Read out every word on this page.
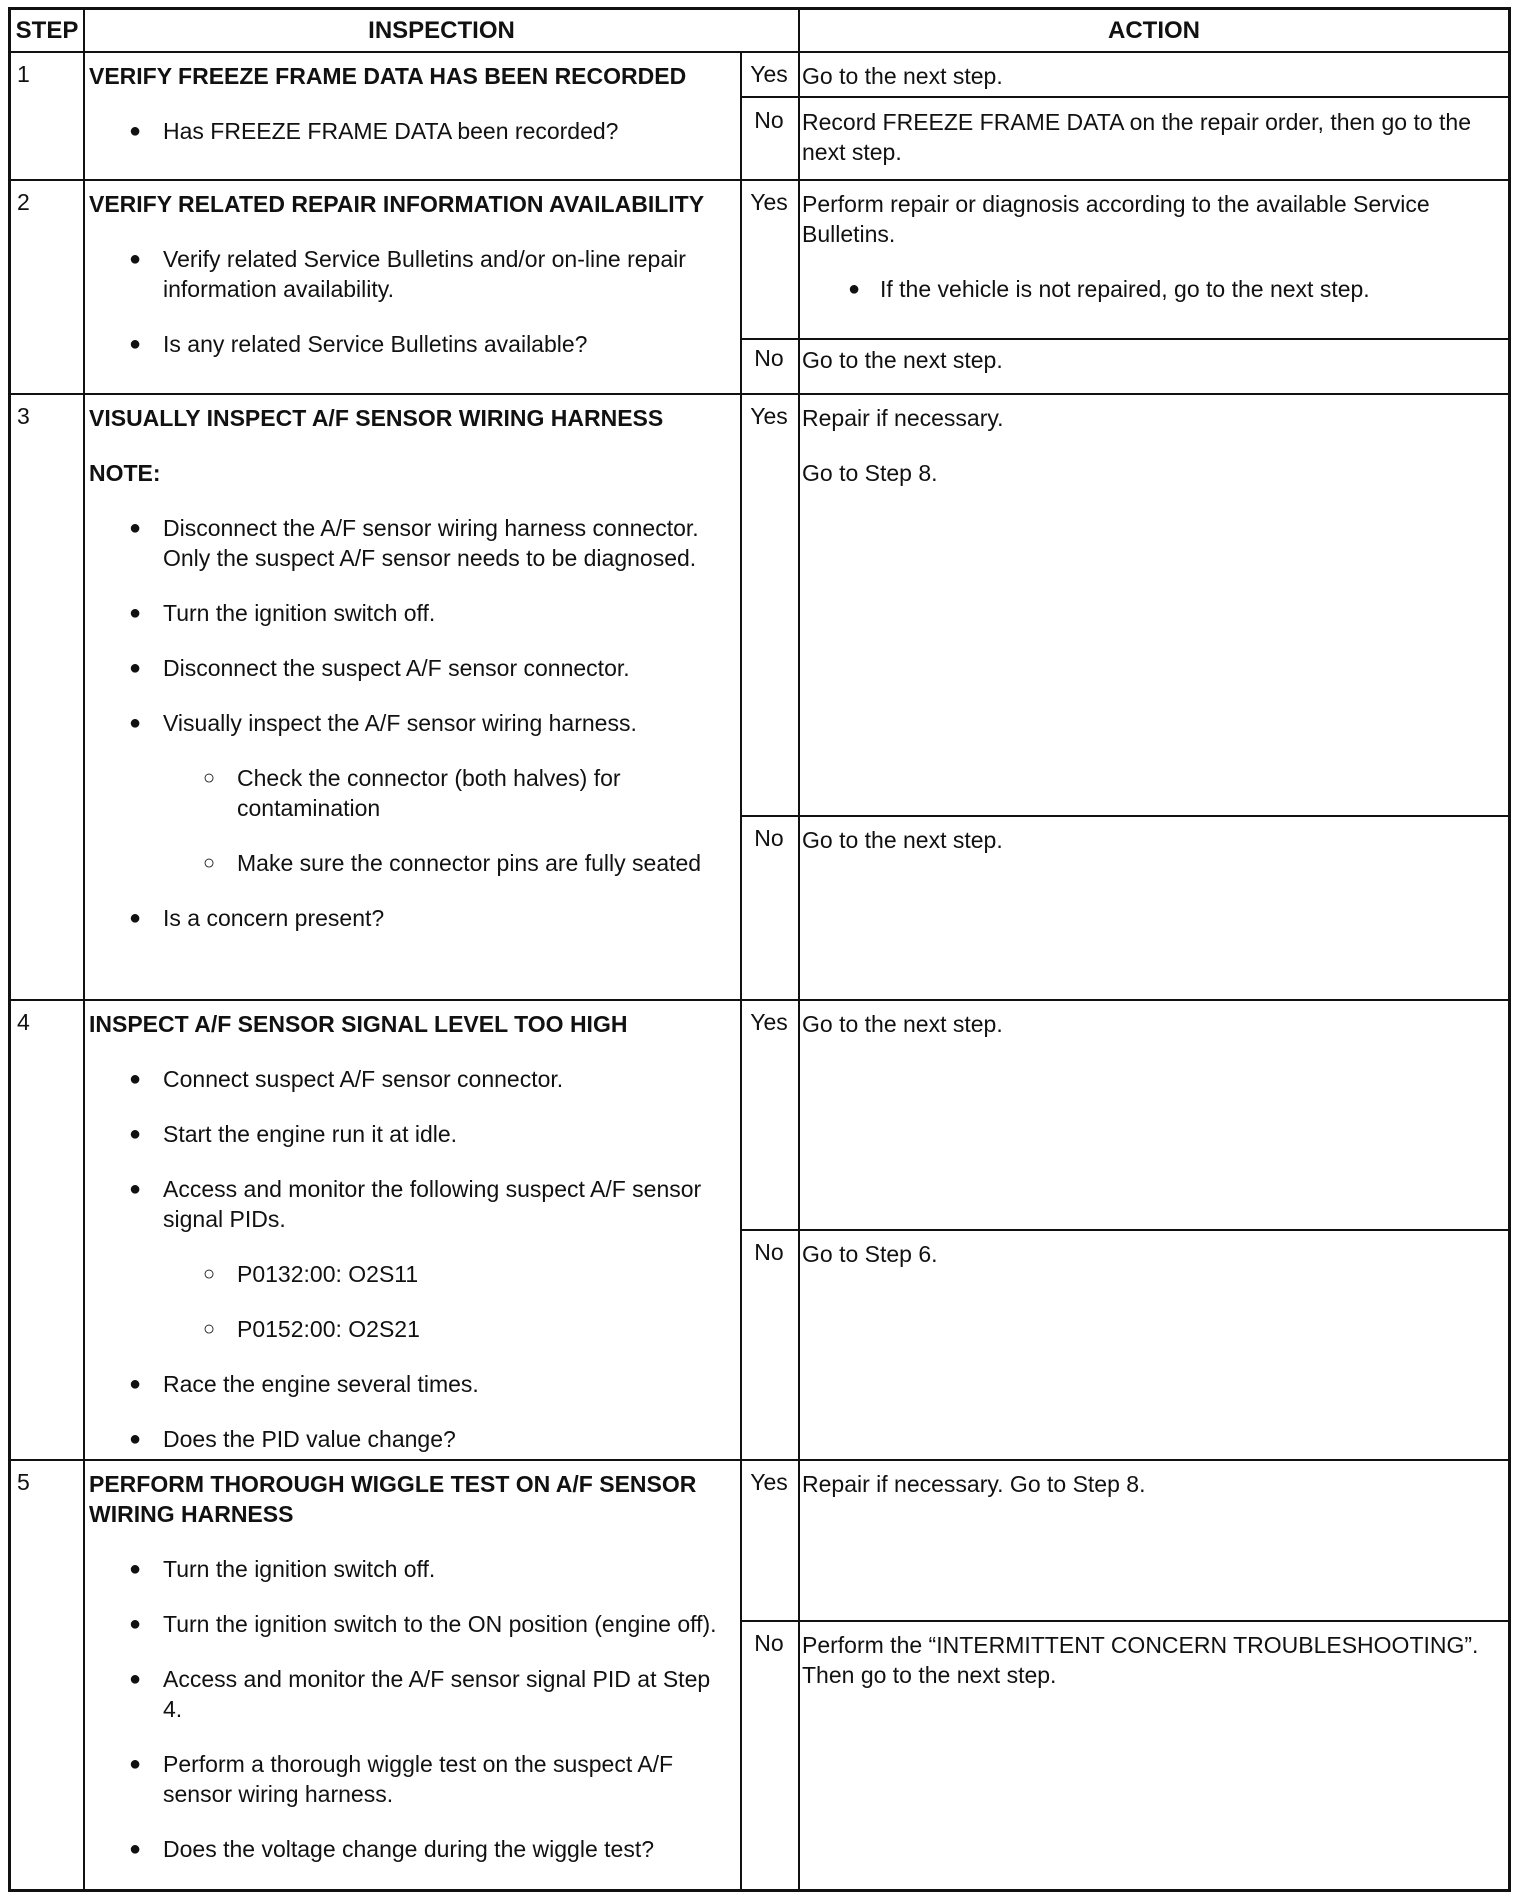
STEP	INSPECTION	ACTION
1	VERIFY FREEZE FRAME DATA HAS BEEN RECORDED
● Has FREEZE FRAME DATA been recorded?
Yes Go to the next step.
No Record FREEZE FRAME DATA on the repair order, then go to the next step.
2	VERIFY RELATED REPAIR INFORMATION AVAILABILITY
● Verify related Service Bulletins and/or on-line repair information availability.
● Is any related Service Bulletins available?
Yes Perform repair or diagnosis according to the available Service Bulletins.
● If the vehicle is not repaired, go to the next step.
No Go to the next step.
3	VISUALLY INSPECT A/F SENSOR WIRING HARNESS
NOTE:
● Disconnect the A/F sensor wiring harness connector. Only the suspect A/F sensor needs to be diagnosed.
● Turn the ignition switch off.
● Disconnect the suspect A/F sensor connector.
● Visually inspect the A/F sensor wiring harness.
○ Check the connector (both halves) for contamination
○ Make sure the connector pins are fully seated
● Is a concern present?
Yes Repair if necessary.

Go to Step 8.

No Go to the next step.
4	INSPECT A/F SENSOR SIGNAL LEVEL TOO HIGH
● Connect suspect A/F sensor connector.
● Start the engine run it at idle.
● Access and monitor the following suspect A/F sensor signal PIDs.
○ P0132:00: O2S11
○ P0152:00: O2S21
● Race the engine several times.
● Does the PID value change?
Yes Go to the next step.
No Go to Step 6.
5	PERFORM THOROUGH WIGGLE TEST ON A/F SENSOR WIRING HARNESS
● Turn the ignition switch off.
● Turn the ignition switch to the ON position (engine off).
● Access and monitor the A/F sensor signal PID at Step 4.
● Perform a thorough wiggle test on the suspect A/F sensor wiring harness.
● Does the voltage change during the wiggle test?
Yes Repair if necessary. Go to Step 8.
No Perform the “INTERMITTENT CONCERN TROUBLESHOOTING”. Then go to the next step.
